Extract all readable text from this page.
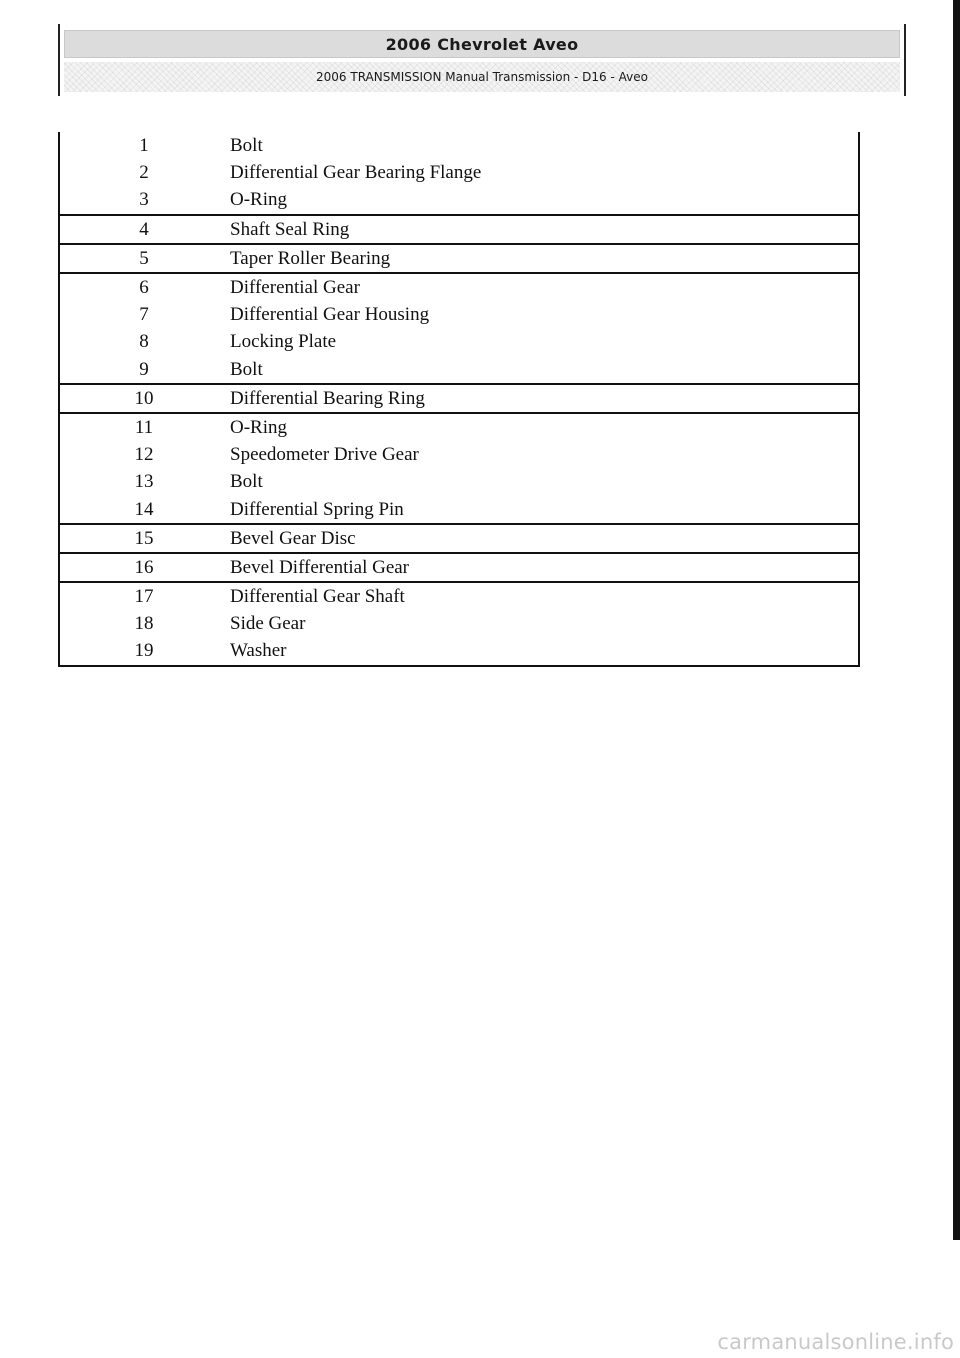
2006 Chevrolet Aveo
2006 TRANSMISSION Manual Transmission - D16 - Aveo
1	Bolt
2	Differential Gear Bearing Flange
3	O-Ring
4	Shaft Seal Ring
5	Taper Roller Bearing
6	Differential Gear
7	Differential Gear Housing
8	Locking Plate
9	Bolt
10	Differential Bearing Ring
11	O-Ring
12	Speedometer Drive Gear
13	Bolt
14	Differential Spring Pin
15	Bevel Gear Disc
16	Bevel Differential Gear
17	Differential Gear Shaft
18	Side Gear
19	Washer
carmanualsonline.info
